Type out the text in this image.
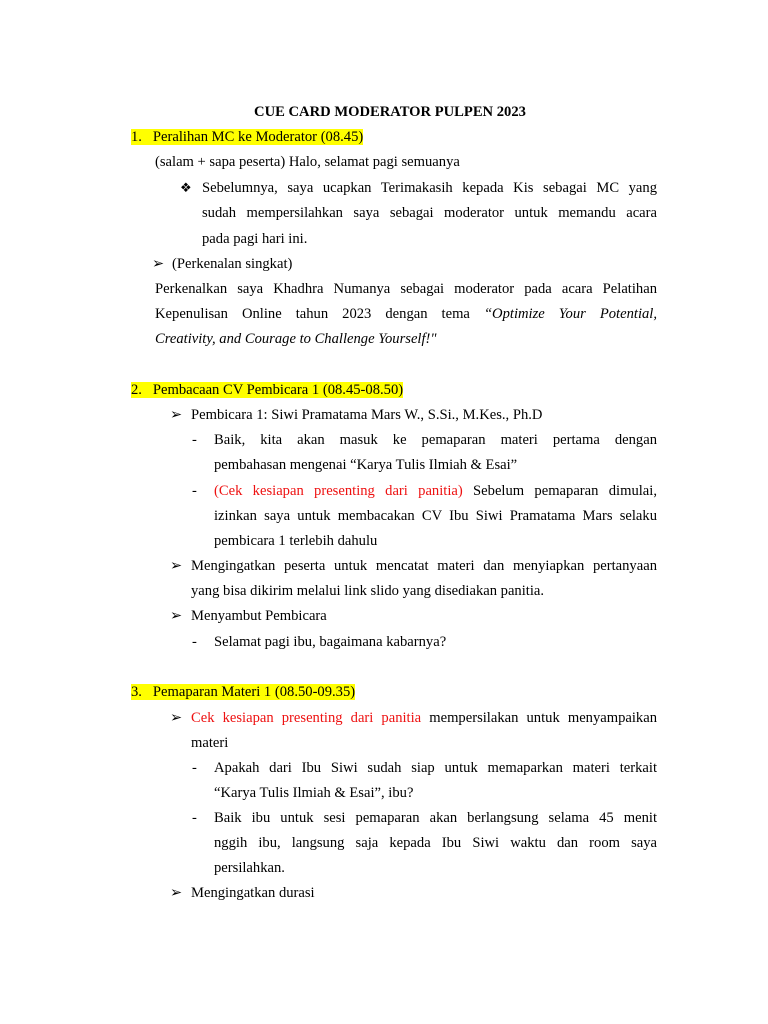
CUE CARD MODERATOR PULPEN 2023
1. Peralihan MC ke Moderator (08.45)
(salam + sapa peserta) Halo, selamat pagi semuanya
❖ Sebelumnya, saya ucapkan Terimakasih kepada Kis sebagai MC yang
sudah mempersilahkan saya sebagai moderator untuk memandu acara
pada pagi hari ini.
➢ (Perkenalan singkat)
Perkenalkan saya Khadhra Numanya sebagai moderator pada acara Pelatihan
Kepenulisan Online tahun 2023 dengan tema “Optimize Your Potential,
Creativity, and Courage to Challenge Yourself!"
2. Pembacaan CV Pembicara 1 (08.45-08.50)
➢ Pembicara 1: Siwi Pramatama Mars W., S.Si., M.Kes., Ph.D
- Baik, kita akan masuk ke pemaparan materi pertama dengan
pembahasan mengenai “Karya Tulis Ilmiah & Esai”
- (Cek kesiapan presenting dari panitia) Sebelum pemaparan dimulai,
izinkan saya untuk membacakan CV Ibu Siwi Pramatama Mars selaku
pembicara 1 terlebih dahulu
➢ Mengingatkan peserta untuk mencatat materi dan menyiapkan pertanyaan
yang bisa dikirim melalui link slido yang disediakan panitia.
➢ Menyambut Pembicara
- Selamat pagi ibu, bagaimana kabarnya?
3. Pemaparan Materi 1 (08.50-09.35)
➢ Cek kesiapan presenting dari panitia mempersilakan untuk menyampaikan
materi
- Apakah dari Ibu Siwi sudah siap untuk memaparkan materi terkait
“Karya Tulis Ilmiah & Esai”, ibu?
- Baik ibu untuk sesi pemaparan akan berlangsung selama 45 menit
nggih ibu, langsung saja kepada Ibu Siwi waktu dan room saya
persilahkan.
➢ Mengingatkan durasi
